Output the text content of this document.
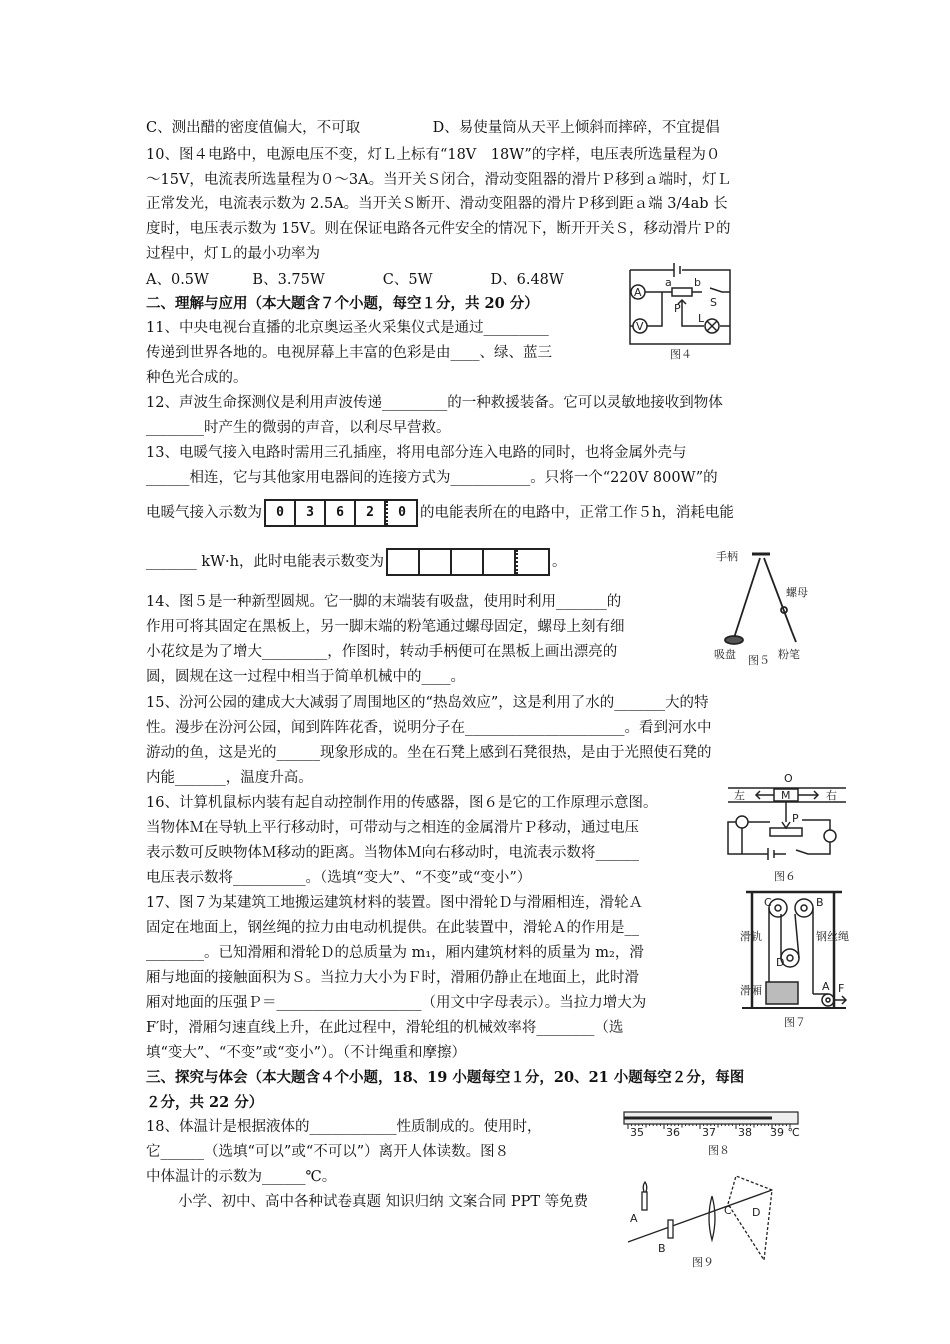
C、测出醋的密度值偏大，不可取　　　　　D、易使量筒从天平上倾斜而摔碎，不宜提倡
10、图４电路中，电源电压不变，灯Ｌ上标有“18V　18W”的字样，电压表所选量程为０
～15V，电流表所选量程为０～3A。当开关Ｓ闭合，滑动变阻器的滑片Ｐ移到ａ端时，灯Ｌ
正常发光，电流表示数为 2.5A。当开关Ｓ断开、滑动变阻器的滑片Ｐ移到距ａ端 3/4ab 长
度时，电压表示数为 15V。则在保证电路各元件安全的情况下，断开开关Ｓ，移动滑片Ｐ的
过程中，灯Ｌ的最小功率为
A、0.5W　　　B、3.75W　　　　C、5W　　　　D、6.48W
二、理解与应用（本大题含７个小题，每空１分，共 20 分）
11、中央电视台直播的北京奥运圣火采集仪式是通过_________
传递到世界各地的。电视屏幕上丰富的色彩是由____、绿、蓝三
种色光合成的。
12、声波生命探测仪是利用声波传递_________的一种救援装备。它可以灵敏地接收到物体
________时产生的微弱的声音，以利尽早营救。
13、电暖气接入电路时需用三孔插座，将用电部分连入电路的同时，也将金属外壳与
______相连，它与其他家用电器间的连接方式为___________。只将一个“220V 800W”的
电暖气接入示数为	0	3	6	2	0 的电能表所在的电路中，正常工作５h，消耗电能
_______ kW·h，此时电能表示数变为	。
14、图５是一种新型圆规。它一脚的末端装有吸盘，使用时利用_______的
作用可将其固定在黑板上，另一脚末端的粉笔通过螺母固定，螺母上刻有细
小花纹是为了增大_________，作图时，转动手柄便可在黑板上画出漂亮的
圆，圆规在这一过程中相当于简单机械中的____。
15、汾河公园的建成大大减弱了周围地区的“热岛效应”，这是利用了水的_______大的特
性。漫步在汾河公园，闻到阵阵花香，说明分子在______________________。看到河水中
游动的鱼，这是光的______现象形成的。坐在石凳上感到石凳很热，是由于光照使石凳的
内能_______，温度升高。
16、计算机鼠标内装有起自动控制作用的传感器，图６是它的工作原理示意图。
当物体Ｍ在导轨上平行移动时，可带动与之相连的金属滑片Ｐ移动，通过电压
表示数可反映物体Ｍ移动的距离。当物体Ｍ向右移动时，电流表示数将______
电压表示数将__________。（选填“变大”、“不变”或“变小”）
17、图７为某建筑工地搬运建筑材料的装置。图中滑轮Ｄ与滑厢相连，滑轮Ａ
固定在地面上，钢丝绳的拉力由电动机提供。在此装置中，滑轮Ａ的作用是__
________。已知滑厢和滑轮Ｄ的总质量为 m₁，厢内建筑材料的质量为 m₂，滑
厢与地面的接触面积为Ｓ。当拉力大小为Ｆ时，滑厢仍静止在地面上，此时滑
厢对地面的压强Ｐ＝____________________（用文中字母表示）。当拉力增大为
F′时，滑厢匀速直线上升，在此过程中，滑轮组的机械效率将________（选
填“变大”、“不变”或“变小”）。（不计绳重和摩擦）
三、探究与体会（本大题含４个小题，18、19 小题每空１分，20、21 小题每空２分，每图
２分，共 22 分）
18、体温计是根据液体的____________性质制成的。使用时，
它______（选填“可以”或“不可以”）离开人体读数。图８
中体温计的示数为______℃。
小学、初中、高中各种试卷真题 知识归纳 文案合同 PPT 等免费
A
V
a b
P	S
L
图４
手柄
螺母
吸盘	粉笔
图５
O
左	M	右
P
图６
C	B
D
A F
滑轨	钢丝绳
滑厢
图７
35 36 37 38 39 ℃
图８
A
B
C D
图９
